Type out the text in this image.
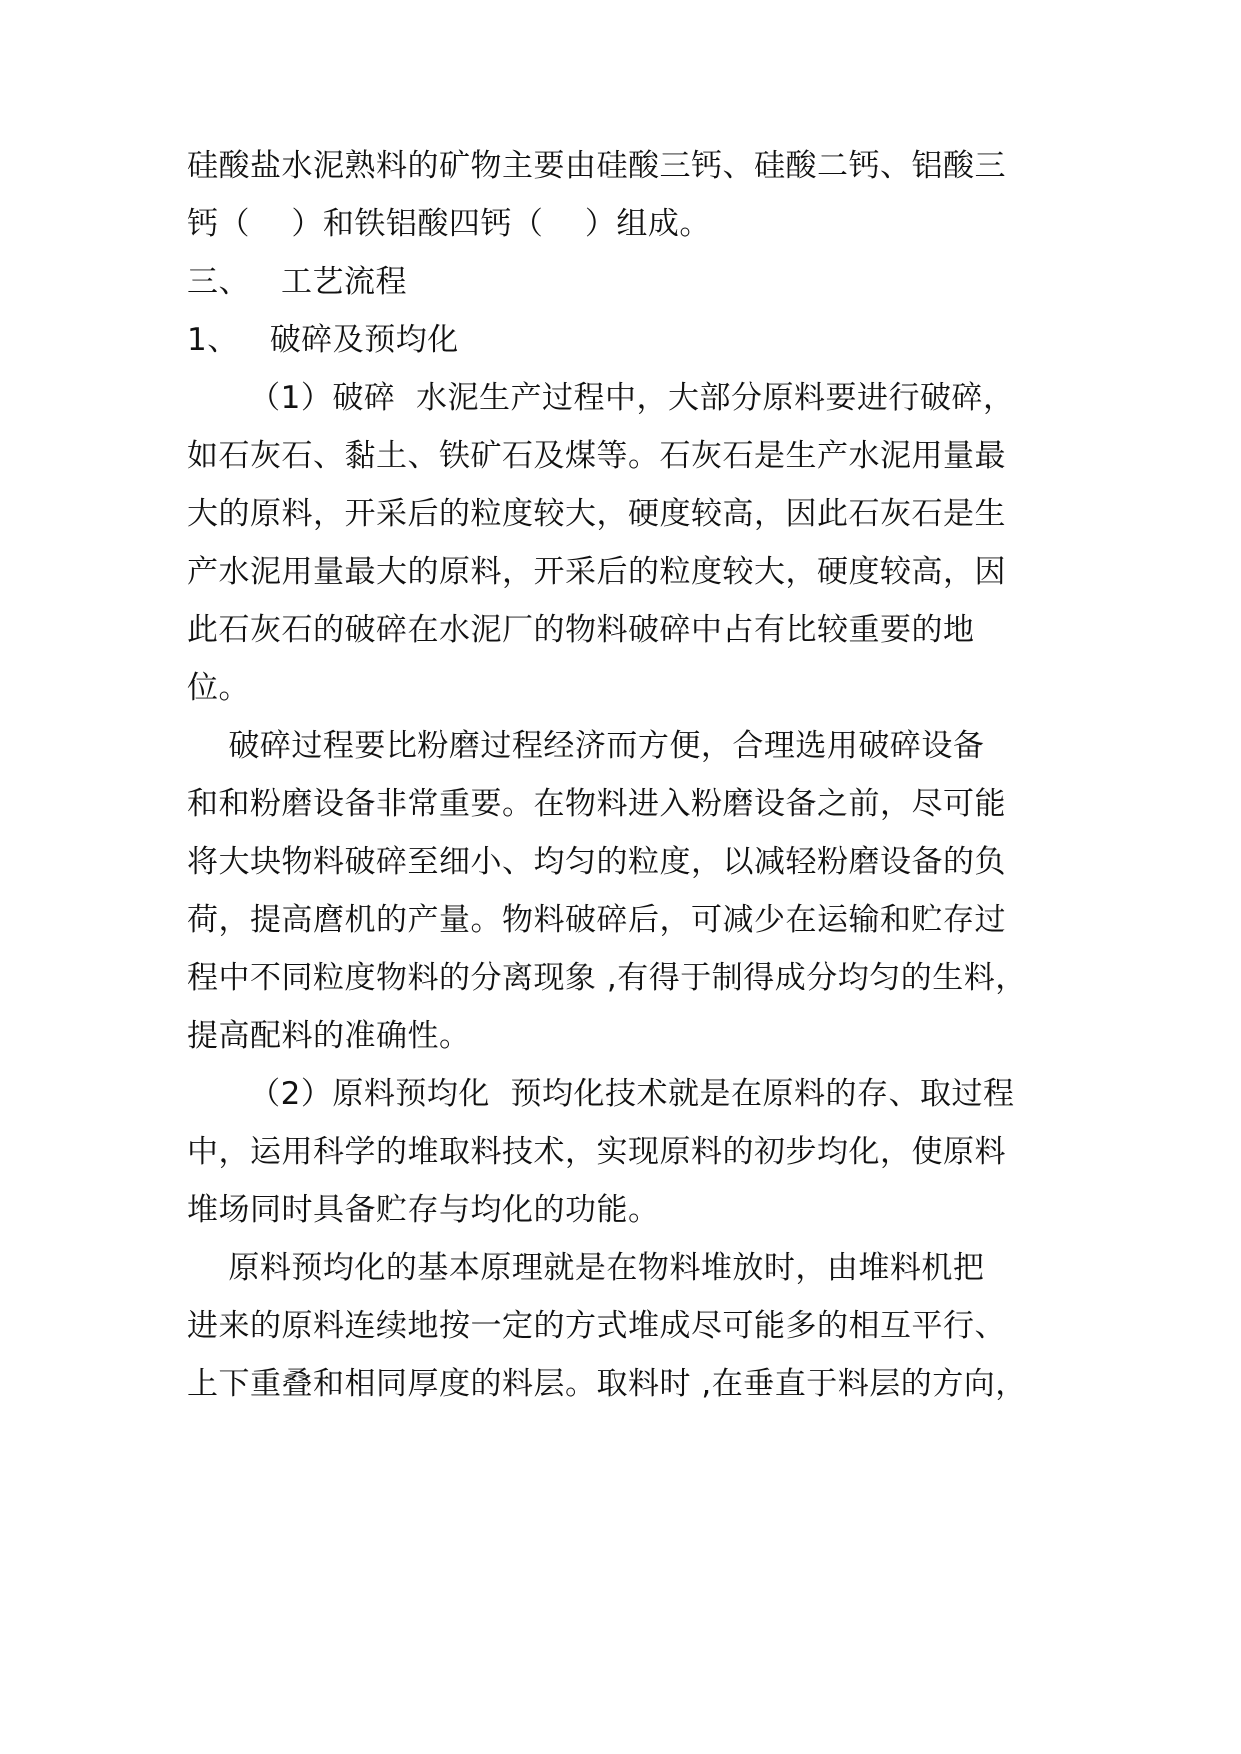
硅酸盐水泥熟料的矿物主要由硅酸三钙、硅酸二钙、铝酸三
钙（    ）和铁铝酸四钙（    ）组成。
三、   工艺流程
1、   破碎及预均化
（1）破碎  水泥生产过程中，大部分原料要进行破碎，
如石灰石、黏土、铁矿石及煤等。石灰石是生产水泥用量最
大的原料，开采后的粒度较大，硬度较高，因此石灰石是生
产水泥用量最大的原料，开采后的粒度较大，硬度较高，因
此石灰石的破碎在水泥厂的物料破碎中占有比较重要的地
位。
破碎过程要比粉磨过程经济而方便，合理选用破碎设备
和和粉磨设备非常重要。在物料进入粉磨设备之前，尽可能
将大块物料破碎至细小、均匀的粒度，以减轻粉磨设备的负
荷，提高麿机的产量。物料破碎后，可减少在运输和贮存过
程中不同粒度物料的分离现象 ,有得于制得成分均匀的生料，
提高配料的准确性。
（2）原料预均化  预均化技术就是在原料的存、取过程
中，运用科学的堆取料技术，实现原料的初步均化，使原料
堆场同时具备贮存与均化的功能。
原料预均化的基本原理就是在物料堆放时，由堆料机把
进来的原料连续地按一定的方式堆成尽可能多的相互平行、
上下重叠和相同厚度的料层。取料时 ,在垂直于料层的方向，
